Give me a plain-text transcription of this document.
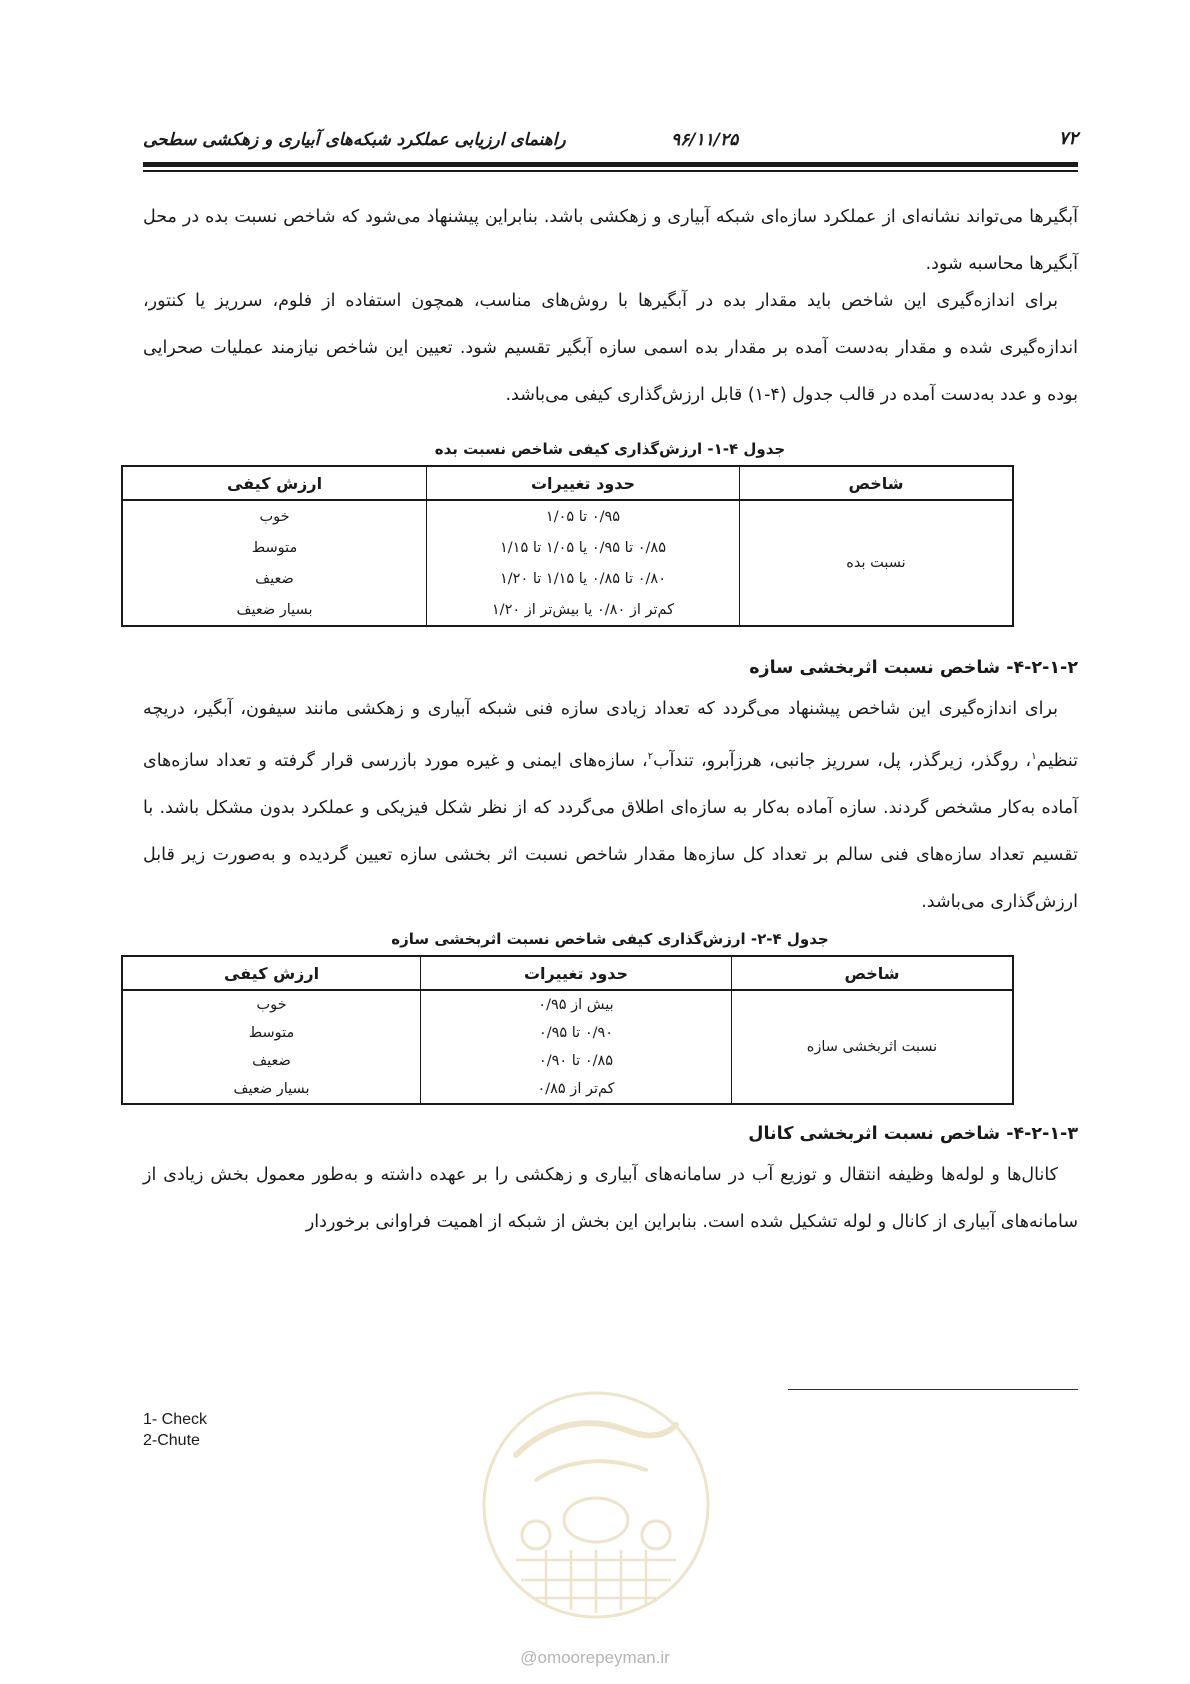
۷۲
۹۶/۱۱/۲۵
راهنمای ارزیابی عملکرد شبکه‌های آبیاری و زهکشی سطحی
آبگیرها می‌تواند نشانه‌ای از عملکرد سازه‌ای شبکه آبیاری و زهکشی باشد. بنابراین پیشنهاد می‌شود که شاخص نسبت بده در محل آبگیرها محاسبه شود.
برای اندازه‌گیری این شاخص باید مقدار بده در آبگیرها با روش‌های مناسب، همچون استفاده از فلوم، سرریز یا کنتور، اندازه‌گیری شده و مقدار به‌دست آمده بر مقدار بده اسمی سازه آبگیر تقسیم شود. تعیین این شاخص نیازمند عملیات صحرایی بوده و عدد به‌دست آمده در قالب جدول (۴-۱) قابل ارزش‌گذاری کیفی می‌باشد.
جدول ۴-۱- ارزش‌گذاری کیفی شاخص نسبت بده
شاخص	حدود تغییرات	ارزش کیفی
نسبت بده	۰/۹۵ تا ۱/۰۵	خوب
	۰/۸۵ تا ۰/۹۵ یا ۱/۰۵ تا ۱/۱۵	متوسط
	۰/۸۰ تا ۰/۸۵ یا ۱/۱۵ تا ۱/۲۰	ضعیف
	کم‌تر از ۰/۸۰ یا بیش‌تر از ۱/۲۰	بسیار ضعیف
۴-۲-۱-۲- شاخص نسبت اثربخشی سازه
برای اندازه‌گیری این شاخص پیشنهاد می‌گردد که تعداد زیادی سازه فنی شبکه آبیاری و زهکشی مانند سیفون، آبگیر، دریچه تنظیم$^۱$، روگذر، زیرگذر، پل، سرریز جانبی، هرزآبرو، تندآب$^۲$، سازه‌های ایمنی و غیره مورد بازرسی قرار گرفته و تعداد سازه‌های آماده به‌کار مشخص گردند. سازه آماده به‌کار به سازه‌ای اطلاق می‌گردد که از نظر شکل فیزیکی و عملکرد بدون مشکل باشد. با تقسیم تعداد سازه‌های فنی سالم بر تعداد کل سازه‌ها مقدار شاخص نسبت اثر بخشی سازه تعیین گردیده و به‌صورت زیر قابل ارزش‌گذاری می‌باشد.
جدول ۴-۲- ارزش‌گذاری کیفی شاخص نسبت اثربخشی سازه
شاخص	حدود تغییرات	ارزش کیفی
نسبت اثربخشی سازه	بیش از ۰/۹۵	خوب
	۰/۹۰ تا ۰/۹۵	متوسط
	۰/۸۵ تا ۰/۹۰	ضعیف
	کم‌تر از ۰/۸۵	بسیار ضعیف
۴-۲-۱-۳- شاخص نسبت اثربخشی کانال
کانال‌ها و لوله‌ها وظیفه انتقال و توزیع آب در سامانه‌های آبیاری و زهکشی را بر عهده داشته و به‌طور معمول بخش زیادی از سامانه‌های آبیاری از کانال و لوله تشکیل شده است. بنابراین این بخش از شبکه از اهمیت فراوانی برخوردار
1- Check
2-Chute
@omoorepeyman.ir
